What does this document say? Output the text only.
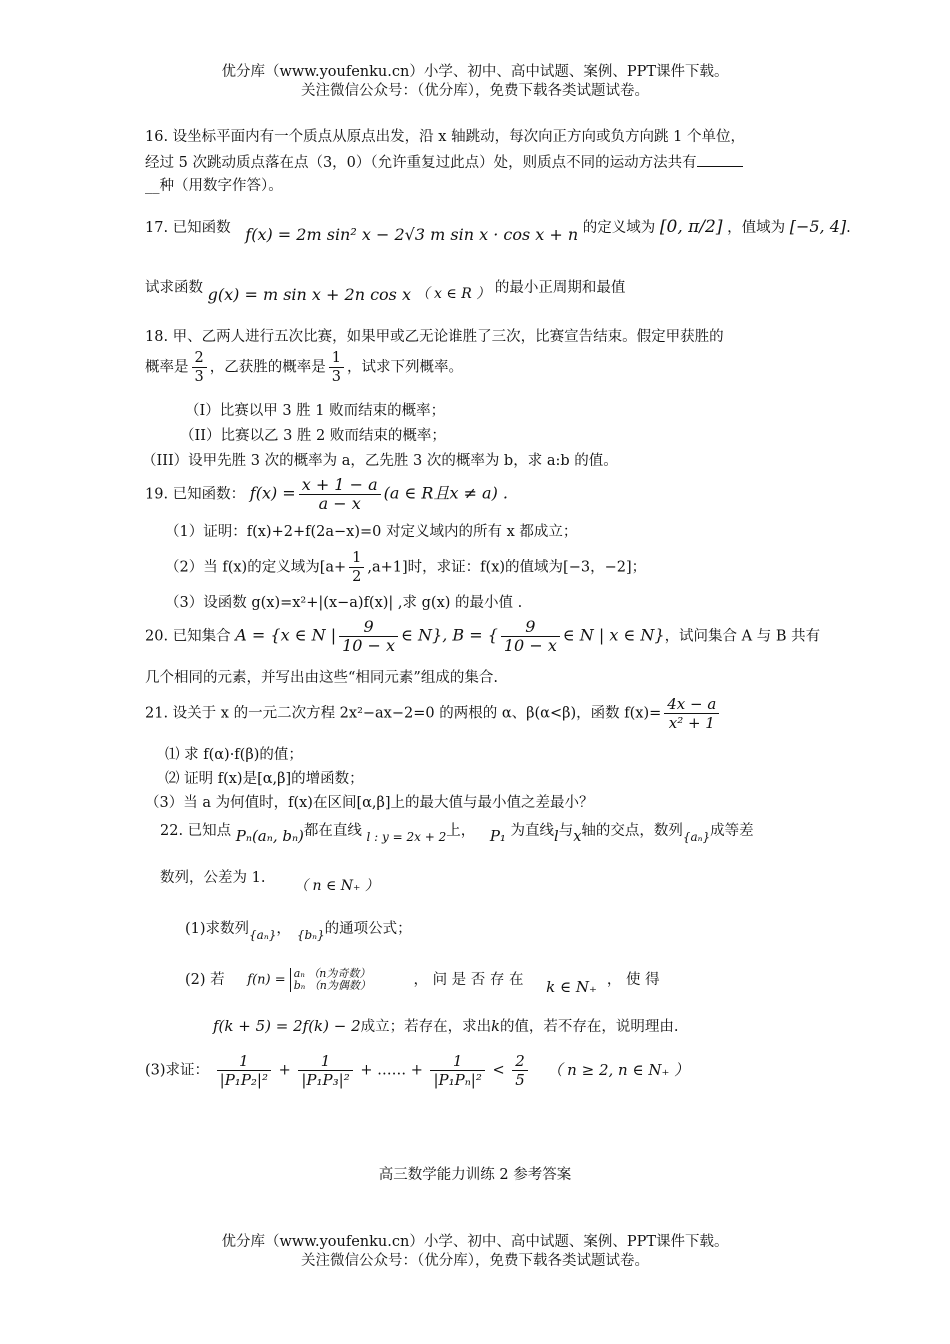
优分库（www.youfenku.cn）小学、初中、高中试题、案例、PPT课件下载。
关注微信公众号：（优分库），免费下载各类试题试卷。
16. 设坐标平面内有一个质点从原点出发，沿 x 轴跳动，每次向正方向或负方向跳 1 个单位，
经过 5 次跳动质点落在点（3，0）（允许重复过此点）处，则质点不同的运动方法共有
__种（用数字作答）。
17. 已知函数 f(x) = 2m sin² x − 2√3 m sin x · cos x + n 的定义域为 [0, π/2] ，值域为 [−5, 4].
试求函数 g(x) = m sin x + 2n cos x （ x ∈ R ） 的最小正周期和最值
18. 甲、乙两人进行五次比赛，如果甲或乙无论谁胜了三次，比赛宣告结束。假定甲获胜的
概率是 $\frac{2}{3}$ ，乙获胜的概率是 $\frac{1}{3}$ ，试求下列概率。
（I）比赛以甲 3 胜 1 败而结束的概率；
（II）比赛以乙 3 胜 2 败而结束的概率；
（III）设甲先胜 3 次的概率为 a，乙先胜 3 次的概率为 b，求 a:b 的值。
19. 已知函数： $f(x) = \frac{x + 1 - a}{a - x} (a$ ∈ R且x ≠ a) .
（1）证明：f(x)+2+f(2a−x)=0 对定义域内的所有 x 都成立；
（2）当 f(x)的定义域为$[a+ \frac{1}{2} ,a+1]$时，求证：f(x)的值域为[−3，−2]；
（3）设函数 g(x)=x²+|(x−a)f(x)| ,求 g(x) 的最小值 .
20. 已知集合 A = {x ∈ N | $\frac{9}{10 - x}$ ∈ N}, B = { $\frac{9}{10 - x}$ ∈ N | x ∈ N}，试问集合 A 与 B 共有
几个相同的元素，并写出由这些“相同元素”组成的集合.
21. 设关于 x 的一元二次方程 2x²−ax−2=0 的两根的 α、β(α<β)，函数 $f(x)= \frac{4x - a}{\text{x² + 1}}$
⑴ 求 f(α)·f(β)的值；
⑵ 证明 f(x)是[α,β]的增函数；
（3）当 a 为何值时，f(x)在区间[α,β]上的最大值与最小值之差最小？
22. 已知点 Pₙ(aₙ, bₙ)都在直线 $_{l : y = 2x + 2}$上， P₁ 为直线l与x轴的交点，数列$_{\{a_n\}}$成等差
数列，公差为 1. （ n ∈ N₊ ）
(1)求数列$_{\{a_n\}}$， $_{\{b_n\}}$的通项公式；
(2) 若 f(n) = aₙ （n为奇数）
bₙ （n为偶数）	， 问 是 否 存 在 k ∈ N₊ ， 使 得
f(k + 5) = 2f(k) − 2成立；若存在，求出k的值，若不存在，说明理由.
(3)求证： $\frac{1}{\text{|P₁P₂|²}} + \frac{1}{\text{|P₁P₃|²}}$ + …… + $\frac{1}{\text{|P₁Pₙ|²}} < \frac{2}{5}$ （ n ≥ 2, n ∈ N₊ ）
高三数学能力训练 2 参考答案
优分库（www.youfenku.cn）小学、初中、高中试题、案例、PPT课件下载。
关注微信公众号：（优分库），免费下载各类试题试卷。
